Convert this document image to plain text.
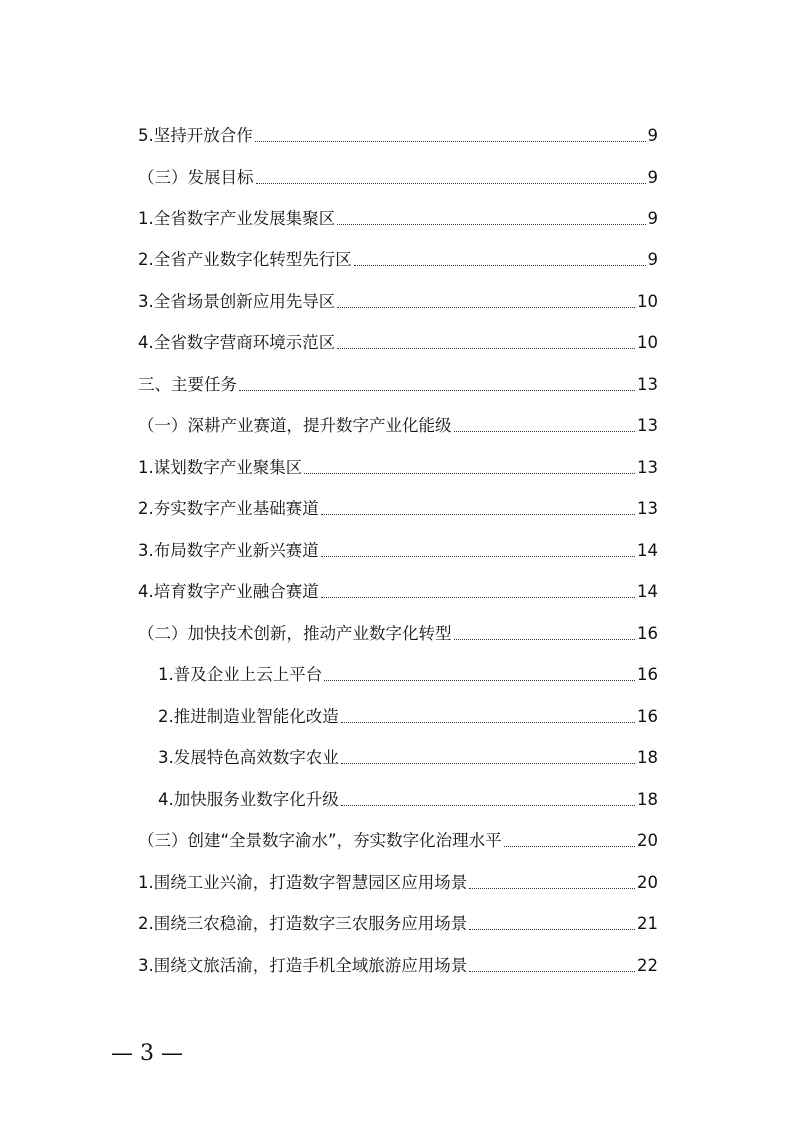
5.坚持开放合作	9
（三）发展目标	9
1.全省数字产业发展集聚区	9
2.全省产业数字化转型先行区	9
3.全省场景创新应用先导区	10
4.全省数字营商环境示范区	10
三、主要任务	13
（一）深耕产业赛道，提升数字产业化能级	13
1.谋划数字产业聚集区	13
2.夯实数字产业基础赛道	13
3.布局数字产业新兴赛道	14
4.培育数字产业融合赛道	14
（二）加快技术创新，推动产业数字化转型	16
1.普及企业上云上平台	16
2.推进制造业智能化改造	16
3.发展特色高效数字农业	18
4.加快服务业数字化升级	18
（三）创建“全景数字渝水”，夯实数字化治理水平	20
1.围绕工业兴渝，打造数字智慧园区应用场景	20
2.围绕三农稳渝，打造数字三农服务应用场景	21
3.围绕文旅活渝，打造手机全域旅游应用场景	22
— 3 —
